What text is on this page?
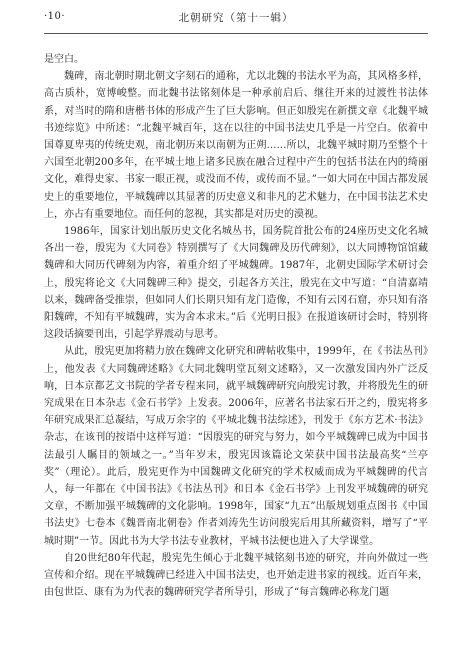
·10·	北朝研究（第十一辑）

是空白。

魏碑，南北朝时期北朝文字刻石的通称，尤以北魏的书法水平为高，其风格多样，高古质朴，宽博峻整。而北魏书法铭刻体是一种承前启后、继往开来的过渡性书法体系，对当时的隋和唐楷书体的形成产生了巨大影响。但正如殷宪在新撰文章《北魏平城书迹综览》中所述：“北魏平城百年，这在以往的中国书法史几乎是一片空白。依着中国尊夏卑夷的传统史观，南北朝历来以南朝为正朔……所以，北魏平城时期乃至整个十六国至北朝200多年，在平城土地上诸多民族在融合过程中产生的包括书法在内的绮丽文化，难得史家、书家一眼正视，或没而不传，或传而不显。”一如大同在中国古都发展史上的重要地位，平城魏碑以其显著的历史意义和非凡的艺术魅力，在中国书法艺术史上，亦占有重要地位。而任何的忽视，其实都是对历史的漠视。

1986年，国家计划出版历史文化名城丛书，国务院首批公布的24座历史文化名城各出一卷，殷宪为《大同卷》特别撰写了《大同魏碑及历代碑刻》，以大同博物馆馆藏魏碑和大同历代碑刻为内容，着重介绍了平城魏碑。1987年，北朝史国际学术研讨会上，殷宪将论文《大同魏碑三种》提交，引起各方关注，殷宪在文中写道：“自清嘉靖以来，魏碑备受推崇，但如同人们长期只知有龙门造像，不知有云冈石窟，亦只知有洛阳魏碑，不知有平城魏碑，实为舍本求末。”后《光明日报》在报道该研讨会时，特别将这段话摘要刊出，引起学界震动与思考。

从此，殷宪更加将精力放在魏碑文化研究和碑帖收集中，1999年，在《书法丛刊》上，他发表《大同魏碑述略》《大同北魏明堂瓦刻文述略》，又一次激发国内外广泛反响，日本京都艺文书院的学者专程来同，就平城魏碑研究向殷宪讨教，并将殷先生的研究成果在日本杂志《金石书学》上发表。2006年，应著名书法家石开之约，殷宪将多年研究成果汇总凝结，写成万余字的《平城北魏书法综述》，刊发于《东方艺术·书法》杂志，在该刊的按语中这样写道：“因殷宪的研究与努力，如今平城魏碑已成为中国书法最引人瞩目的领域之一。”当年岁末，殷宪因该篇论文荣获中国书法最高奖“兰亭奖”（理论）。此后，殷宪更作为中国魏碑文化研究的学术权威而成为平城魏碑的代言人，每一年都在《中国书法》《书法丛刊》和日本《金石书学》上刊发平城魏碑的研究文章，不断加强平城魏碑的文化影响。1998年，国家“九五”出版规划重点图书《中国书法史》七卷本《魏晋南北朝卷》作者刘涛先生访问殷宪后用其所藏资料，增写了“平城时期”一节。因此书为大学书法专业教材，平城书法便也进入了大学课堂。

自20世纪80年代起，殷宪先生倾心于北魏平城铭刻书迹的研究，并向外做过一些宣传和介绍。现在平城魏碑已经进入中国书法史，也开始走进书家的视线。近百年来，由包世臣、康有为为代表的魏碑研究学者所导引，形成了“每言魏碑必称龙门题
